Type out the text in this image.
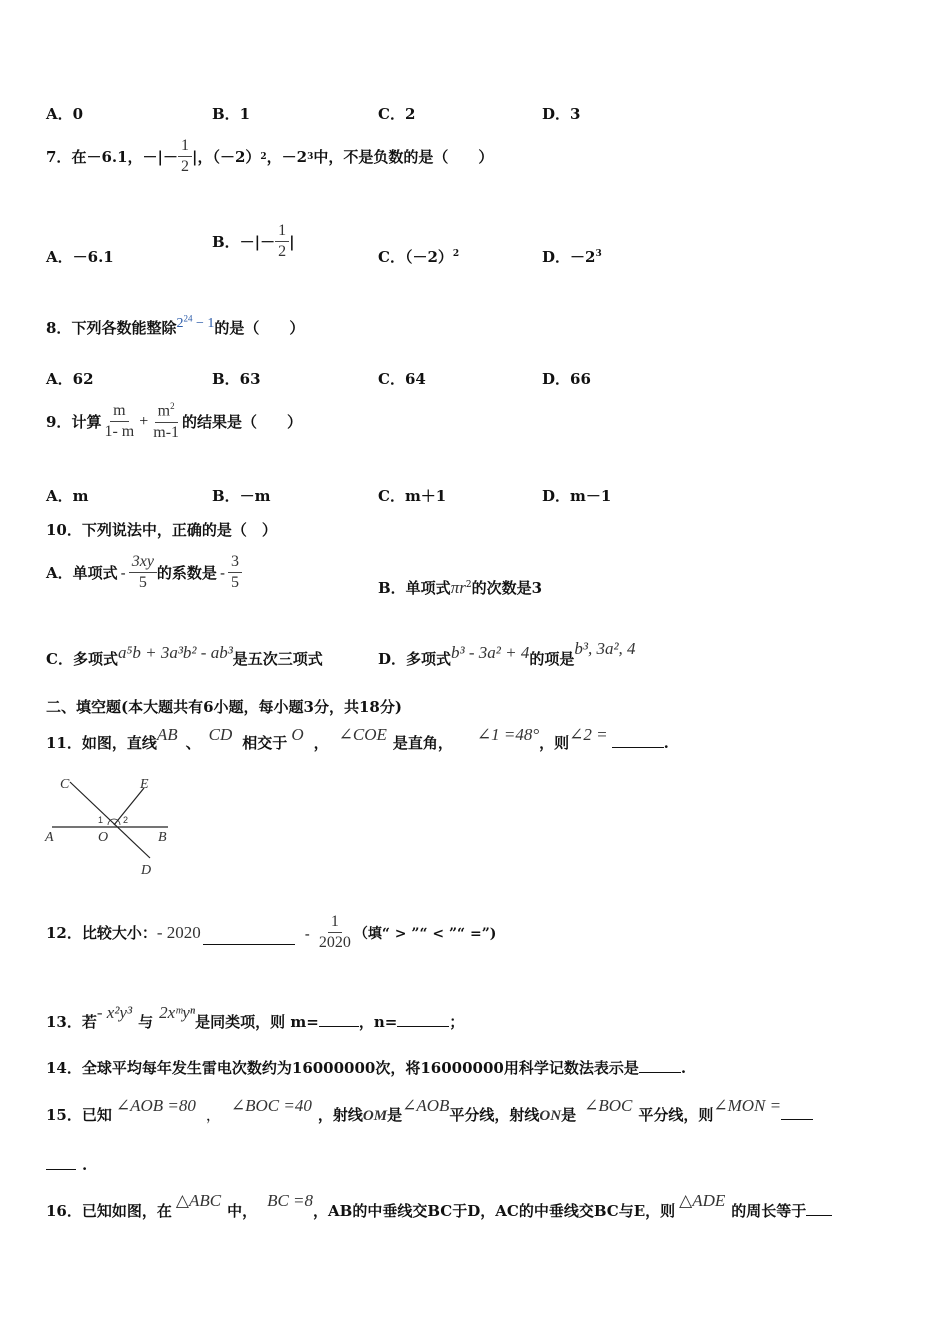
A．0	B．1	C．2	D．3
7． 在－6.1，－|－ $\frac{1}{2}$ |，（－2） 2 ，－2 3 中，不是负数的是（　　）
A．－6.1
B．－|－ $\frac{1}{2}$ |
C．$(-2)^2$	D．$-2^3$
8．下列各数能整除$2^{24} - 1$的是（　　）
A．62	B．63	C．64	D．66
9． 计算 $\frac{m}{1- m} + \frac{m^2}{m-1}$ 的结果是（　　）
A．m	B．－m	C．m＋1	D．m－1
10．下列说法中，正确的是（　）
A．单项式 - $\frac{3xy}{5}$ 的系数是 - $\frac{3}{5}$	B．单项式$\pi r^2$的次数是3
C．多项式a⁵b + 3a³b² - ab³是五次三项式	D．多项式b³ - 3a² + 4的项是b³, 3a², 4
二、填空题(本大题共有6小题，每小题3分，共18分)
11．如图，直线AB 、 CD 相交于 O ， ∠COE 是直角， ∠1 =48°，则∠2 =	.
C	E
A	O	B
D
1 2
12．比较大小： - 2020	- $\frac{1}{2020}$ （填“ > ”“ < ”“ =”)
13．若- x²y³ 与 2xᵐyⁿ是同类项，则 m=	，n=	；
14．全球平均每年发生雷电次数约为16000000次，将16000000用科学记数法表示是	.
15．已知 ∠AOB =80 ， ∠BOC =40 ，射线OM是∠AOB平分线，射线ON是 ∠BOC 平分线，则∠MON =
.
16．已知如图，在△ABC中，BC =8，AB的中垂线交BC于D，AC的中垂线交BC与E，则△ADE的周长等于
